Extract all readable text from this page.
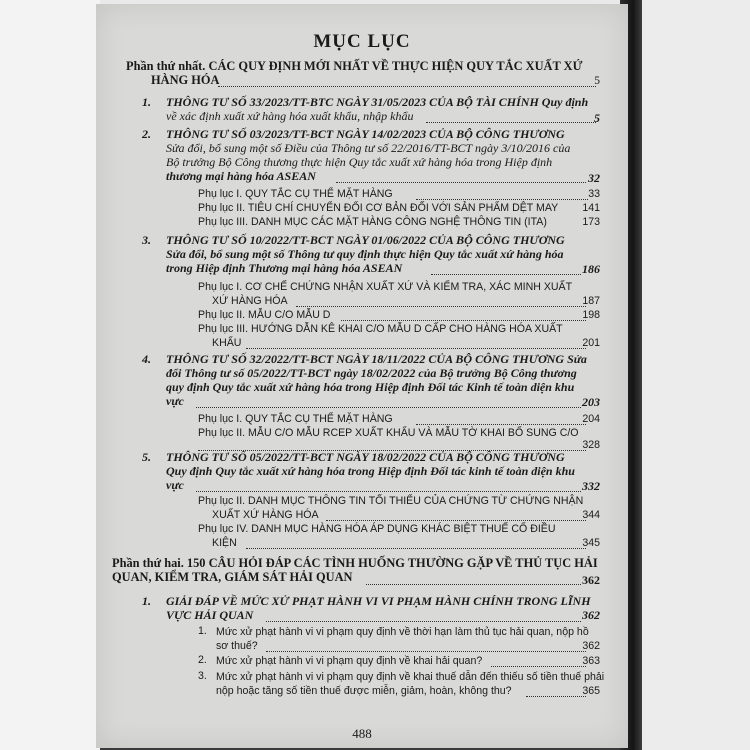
MỤC LỤC
Phần thứ nhất. CÁC QUY ĐỊNH MỚI NHẤT VỀ THỰC HIỆN QUY TẮC XUẤT XỨ
HÀNG HÓA	5
1. THÔNG TƯ SỐ 33/2023/TT-BTC NGÀY 31/05/2023 CỦA BỘ TÀI CHÍNH Quy định
về xác định xuất xứ hàng hóa xuất khẩu, nhập khẩu	5
2. THÔNG TƯ SỐ 03/2023/TT-BCT NGÀY 14/02/2023 CỦA BỘ CÔNG THƯƠNG
Sửa đổi, bổ sung một số Điều của Thông tư số 22/2016/TT-BCT ngày 3/10/2016 của
Bộ trưởng Bộ Công thương thực hiện Quy tắc xuất xứ hàng hóa trong Hiệp định
thương mại hàng hóa ASEAN	32
Phụ lục I. QUY TẮC CỤ THỂ MẶT HÀNG	33
Phụ lục II. TIÊU CHÍ CHUYỂN ĐỔI CƠ BẢN ĐỐI VỚI SẢN PHẨM DỆT MAY	141
Phụ lục III. DANH MỤC CÁC MẶT HÀNG CÔNG NGHỆ THÔNG TIN (ITA)	173
3. THÔNG TƯ SỐ 10/2022/TT-BCT NGÀY 01/06/2022 CỦA BỘ CÔNG THƯƠNG
Sửa đổi, bổ sung một số Thông tư quy định thực hiện Quy tắc xuất xứ hàng hóa
trong Hiệp định Thương mại hàng hóa ASEAN	186
Phụ lục I. CƠ CHẾ CHỨNG NHẬN XUẤT XỨ VÀ KIỂM TRA, XÁC MINH XUẤT
XỨ HÀNG HÓA	187
Phụ lục II. MẪU C/O MẪU D	198
Phụ lục III. HƯỚNG DẪN KÊ KHAI C/O MẪU D CẤP CHO HÀNG HÓA XUẤT
KHẨU	201
4. THÔNG TƯ SỐ 32/2022/TT-BCT NGÀY 18/11/2022 CỦA BỘ CÔNG THƯƠNG Sửa
đổi Thông tư số 05/2022/TT-BCT ngày 18/02/2022 của Bộ trưởng Bộ Công thương
quy định Quy tắc xuất xứ hàng hóa trong Hiệp định Đối tác Kinh tế toàn diện khu
vực	203
Phụ lục I. QUY TẮC CỤ THỂ MẶT HÀNG	204
Phụ lục II. MẪU C/O MẪU RCEP XUẤT KHẨU VÀ MẪU TỜ KHAI BỔ SUNG C/O
328
5. THÔNG TƯ SỐ 05/2022/TT-BCT NGÀY 18/02/2022 CỦA BỘ CÔNG THƯƠNG
Quy định Quy tắc xuất xứ hàng hóa trong Hiệp định Đối tác kinh tế toàn diện khu
vực	332
Phụ lục II. DANH MỤC THÔNG TIN TỐI THIỂU CỦA CHỨNG TỪ CHỨNG NHẬN
XUẤT XỨ HÀNG HÓA	344
Phụ lục IV. DANH MỤC HÀNG HÓA ÁP DỤNG KHÁC BIỆT THUẾ CỔ ĐIỀU
KIỆN	345
Phần thứ hai. 150 CÂU HỎI ĐÁP CÁC TÌNH HUỐNG THƯỜNG GẶP VỀ THỦ TỤC HẢI
QUAN, KIỂM TRA, GIÁM SÁT HẢI QUAN	362
1. GIẢI ĐÁP VỀ MỨC XỬ PHẠT HÀNH VI VI PHẠM HÀNH CHÍNH TRONG LĨNH
VỰC HẢI QUAN	362
1. Mức xử phạt hành vi vi phạm quy định về thời hạn làm thủ tục hải quan, nộp hồ
sơ thuế?	362
2. Mức xử phạt hành vi vi phạm quy định về khai hải quan?	363
3. Mức xử phạt hành vi vi phạm quy định về khai thuế dẫn đến thiếu số tiền thuế phải
nộp hoặc tăng số tiền thuế được miễn, giảm, hoàn, không thu?	365
488
